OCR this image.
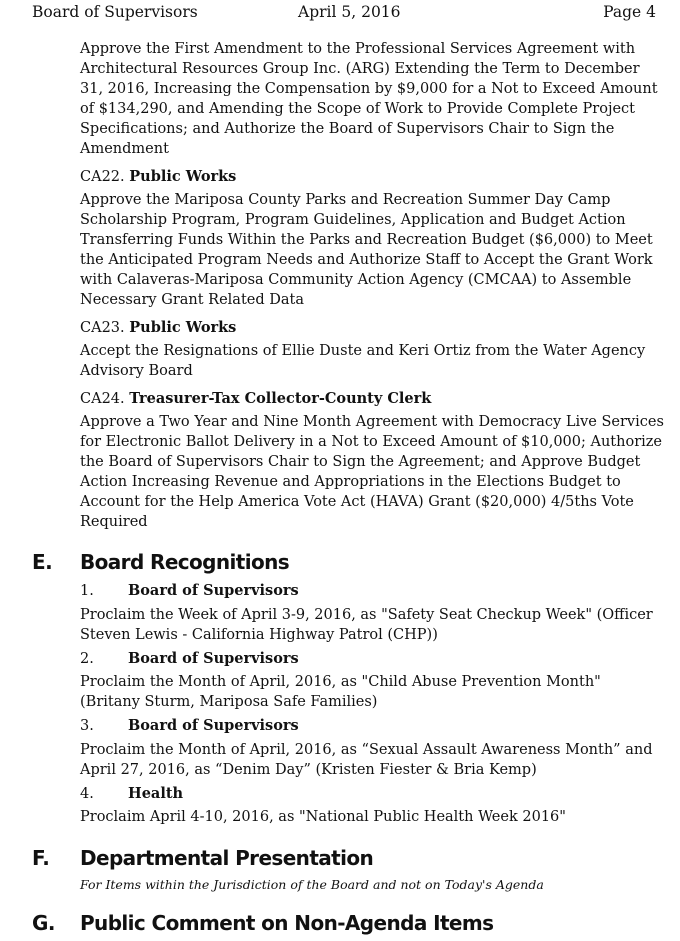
Board of Supervisors	April 5, 2016	Page 4
Approve the First Amendment to the Professional Services Agreement with Architectural Resources Group Inc. (ARG) Extending the Term to December 31, 2016, Increasing the Compensation by $9,000 for a Not to Exceed Amount of $134,290, and Amending the Scope of Work to Provide Complete Project Specifications; and Authorize the Board of Supervisors Chair to Sign the Amendment
CA22. Public Works
Approve the Mariposa County Parks and Recreation Summer Day Camp Scholarship Program, Program Guidelines, Application and Budget Action Transferring Funds Within the Parks and Recreation Budget ($6,000) to Meet the Anticipated Program Needs and Authorize Staff to Accept the Grant Work with Calaveras-Mariposa Community Action Agency (CMCAA) to Assemble Necessary Grant Related Data
CA23. Public Works
Accept the Resignations of Ellie Duste and Keri Ortiz from the Water Agency Advisory Board
CA24. Treasurer-Tax Collector-County Clerk
Approve a Two Year and Nine Month Agreement with Democracy Live Services for Electronic Ballot Delivery in a Not to Exceed Amount of $10,000; Authorize the Board of Supervisors Chair to Sign the Agreement; and Approve Budget Action Increasing Revenue and Appropriations in the Elections Budget to Account for the Help America Vote Act (HAVA) Grant ($20,000) 4/5ths Vote Required
E. Board Recognitions
1. Board of Supervisors
Proclaim the Week of April 3-9, 2016, as "Safety Seat Checkup Week" (Officer Steven Lewis - California Highway Patrol (CHP))
2. Board of Supervisors
Proclaim the Month of April, 2016, as "Child Abuse Prevention Month" (Britany Sturm, Mariposa Safe Families)
3. Board of Supervisors
Proclaim the Month of April, 2016, as “Sexual Assault Awareness Month” and April 27, 2016, as “Denim Day” (Kristen Fiester & Bria Kemp)
4. Health
Proclaim April 4-10, 2016, as "National Public Health Week 2016"
F. Departmental Presentation
For Items within the Jurisdiction of the Board and not on Today's Agenda
G. Public Comment on Non-Agenda Items
